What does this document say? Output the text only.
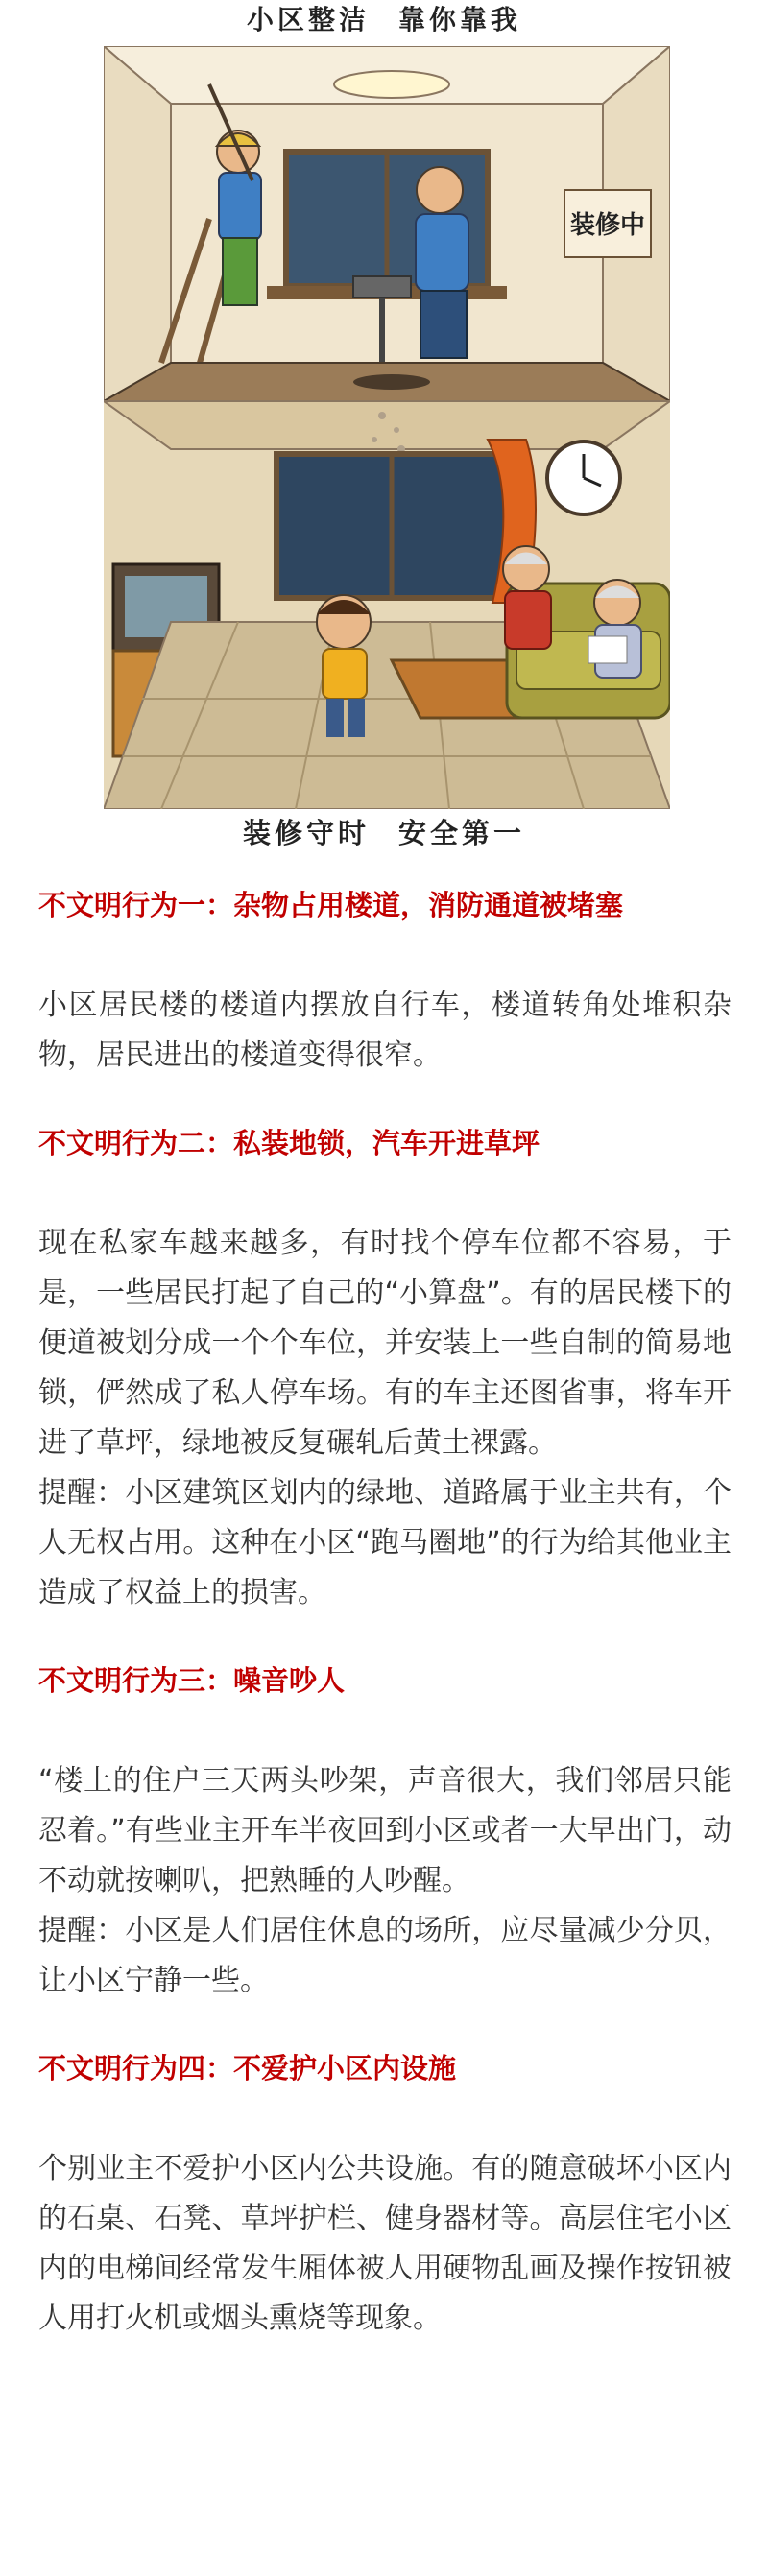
小区整洁 靠你靠我
装修中
装修守时 安全第一
不文明行为一：杂物占用楼道，消防通道被堵塞

小区居民楼的楼道内摆放自行车，楼道转角处堆积杂物，居民进出的楼道变得很窄。

不文明行为二：私装地锁，汽车开进草坪

现在私家车越来越多，有时找个停车位都不容易，于是，一些居民打起了自己的“小算盘”。有的居民楼下的便道被划分成一个个车位，并安装上一些自制的简易地锁，俨然成了私人停车场。有的车主还图省事，将车开进了草坪，绿地被反复碾轧后黄土裸露。

提醒：小区建筑区划内的绿地、道路属于业主共有，个人无权占用。这种在小区“跑马圈地”的行为给其他业主造成了权益上的损害。

不文明行为三：噪音吵人

“楼上的住户三天两头吵架，声音很大，我们邻居只能忍着。”有些业主开车半夜回到小区或者一大早出门，动不动就按喇叭，把熟睡的人吵醒。

提醒：小区是人们居住休息的场所，应尽量减少分贝，让小区宁静一些。

不文明行为四：不爱护小区内设施

个别业主不爱护小区内公共设施。有的随意破坏小区内的石桌、石凳、草坪护栏、健身器材等。高层住宅小区内的电梯间经常发生厢体被人用硬物乱画及操作按钮被人用打火机或烟头熏烧等现象。
